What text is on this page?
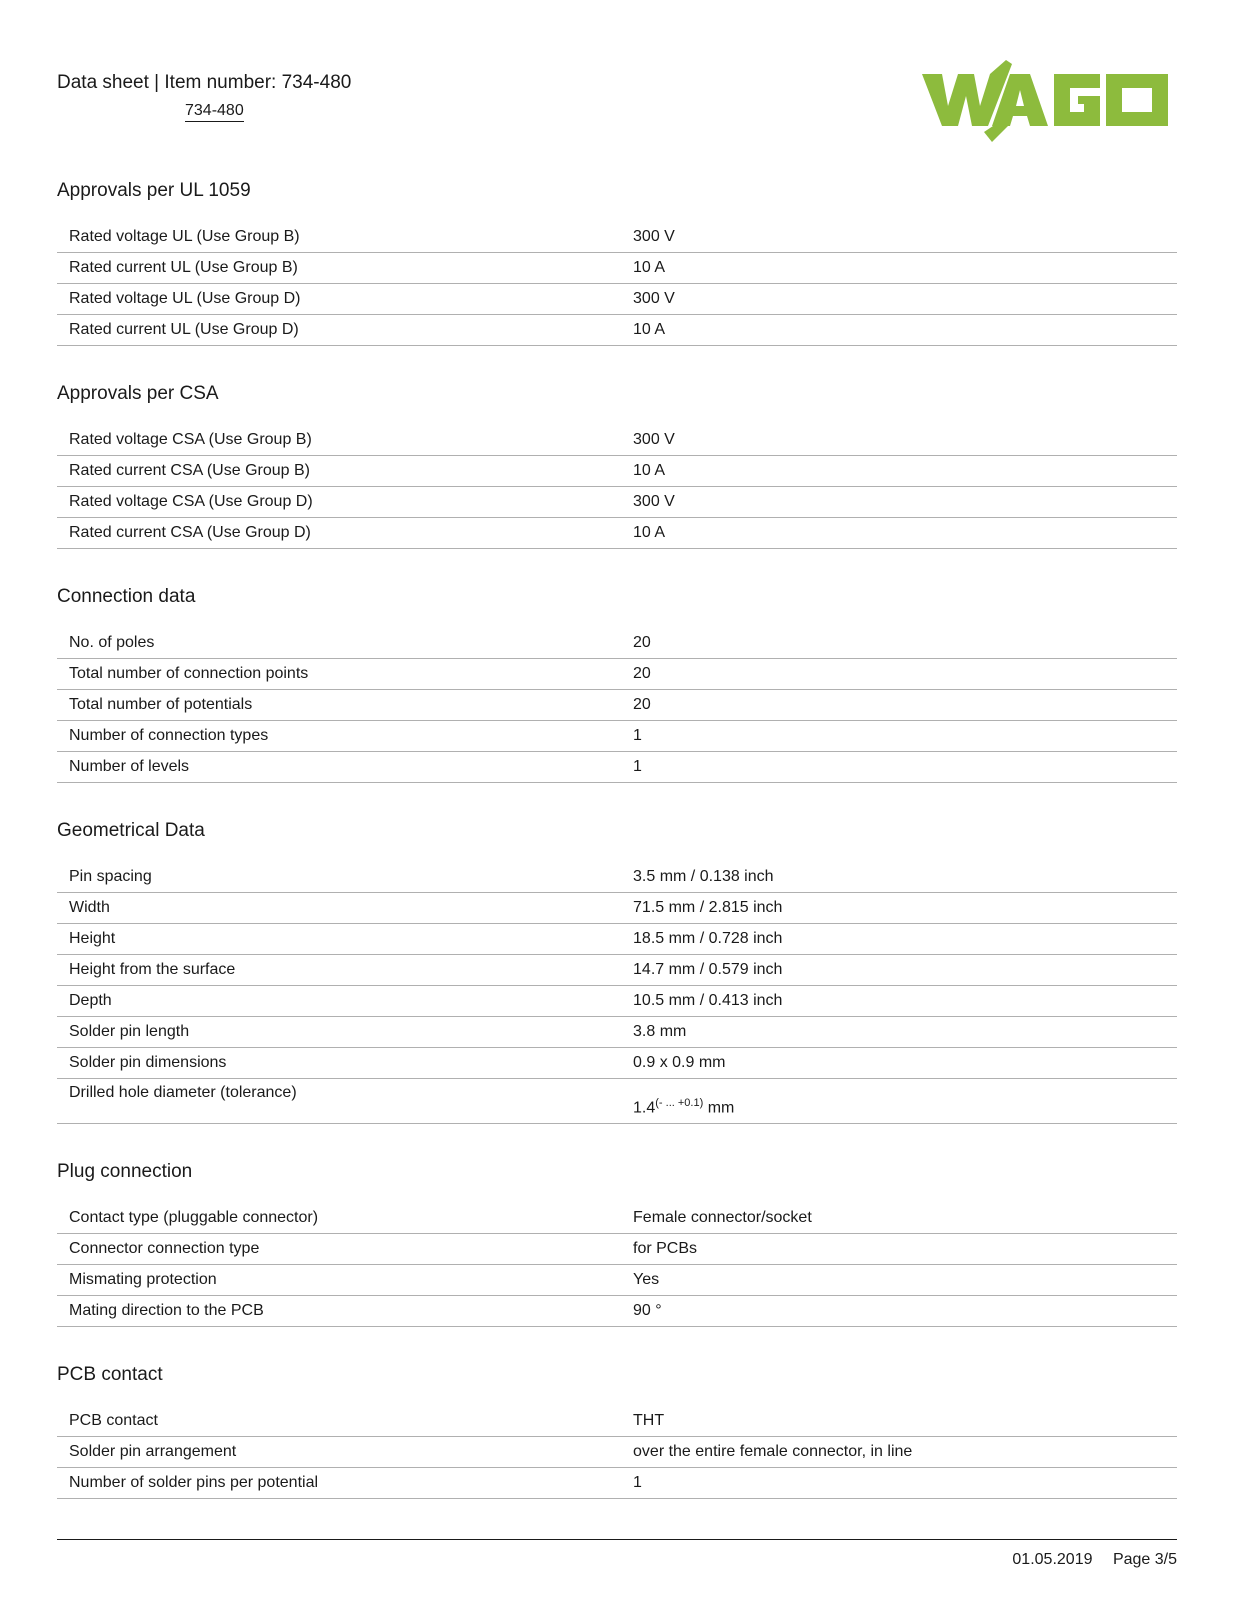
Data sheet | Item number: 734-480
734-480
Approvals per UL 1059
Rated voltage UL (Use Group B)	300 V
Rated current UL (Use Group B)	10 A
Rated voltage UL (Use Group D)	300 V
Rated current UL (Use Group D)	10 A
Approvals per CSA
Rated voltage CSA (Use Group B)	300 V
Rated current CSA (Use Group B)	10 A
Rated voltage CSA (Use Group D)	300 V
Rated current CSA (Use Group D)	10 A
Connection data
No. of poles	20
Total number of connection points	20
Total number of potentials	20
Number of connection types	1
Number of levels	1
Geometrical Data
Pin spacing	3.5 mm / 0.138 inch
Width	71.5 mm / 2.815 inch
Height	18.5 mm / 0.728 inch
Height from the surface	14.7 mm / 0.579 inch
Depth	10.5 mm / 0.413 inch
Solder pin length	3.8 mm
Solder pin dimensions	0.9 x 0.9 mm
Drilled hole diameter (tolerance)	$1.4^{(- ... +0.1)}$ mm
Plug connection
Contact type (pluggable connector)	Female connector/socket
Connector connection type	for PCBs
Mismating protection	Yes
Mating direction to the PCB	90 °
PCB contact
PCB contact	THT
Solder pin arrangement	over the entire female connector, in line
Number of solder pins per potential	1
01.05.2019 Page 3/5
